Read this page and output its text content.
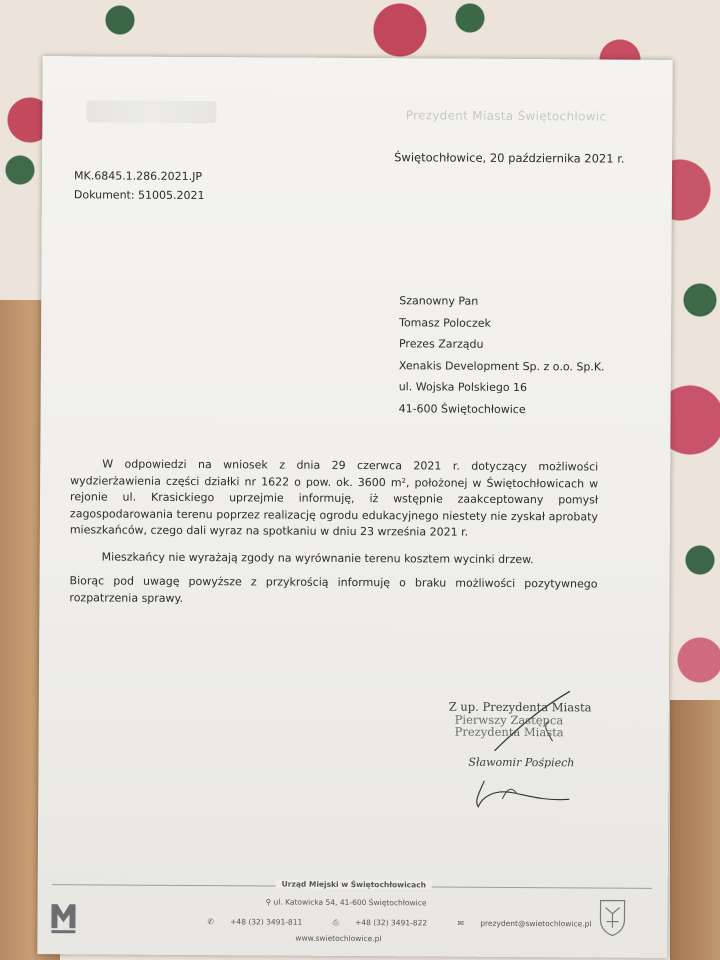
Prezydent Miasta Świętochłowic
Świętochłowice, 20 października 2021 r.
MK.6845.1.286.2021.JP
Dokument: 51005.2021
Szanowny Pan
Tomasz Poloczek
Prezes Zarządu
Xenakis Development Sp. z o.o. Sp.K.
ul. Wojska Polskiego 16
41-600 Świętochłowice

W odpowiedzi na wniosek z dnia 29 czerwca 2021 r. dotyczący możliwości wydzierżawienia części działki nr 1622 o pow. ok. 3600 m², położonej w Świętochłowicach w rejonie ul. Krasickiego uprzejmie informuję, iż wstępnie zaakceptowany pomysł zagospodarowania terenu poprzez realizację ogrodu edukacyjnego niestety nie zyskał aprobaty mieszkańców, czego dali wyraz na spotkaniu w dniu 23 września 2021 r.

Mieszkańcy nie wyrażają zgody na wyrównanie terenu kosztem wycinki drzew.

Biorąc pod uwagę powyższe z przykrością informuję o braku możliwości pozytywnego rozpatrzenia sprawy.

Z up. Prezydenta Miasta
Pierwszy Zastępca
Prezydenta Miasta
Sławomir Pośpiech
Urząd Miejski w Świętochłowicach
⚲ ul. Katowicka 54, 41-600 Świętochłowice
✆ +48 (32) 3491-811	⎙ +48 (32) 3491-822	✉ prezydent@swietochlowice.pl
www.swietochlowice.pl
